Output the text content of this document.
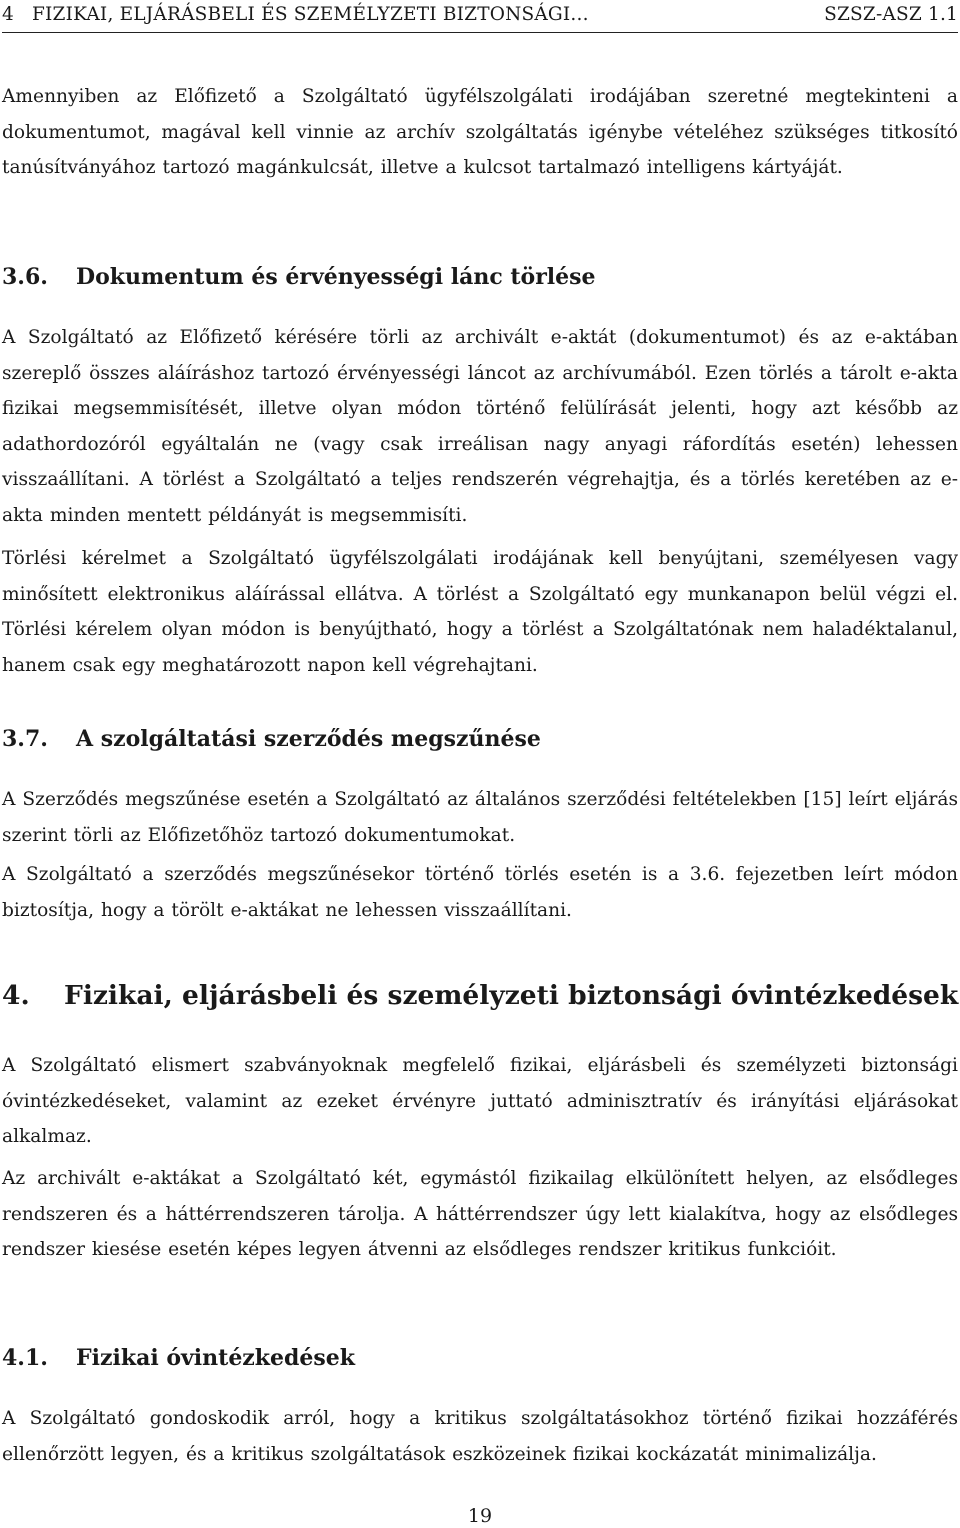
4 FIZIKAI, ELJÁRÁSBELI ÉS SZEMÉLYZETI BIZTONSÁGI...	SZSZ-ASZ 1.1

Amennyiben az Előfizető a Szolgáltató ügyfélszolgálati irodájában szeretné megtekinteni a dokumentumot, magával kell vinnie az archív szolgáltatás igénybe vételéhez szükséges titkosító tanúsítványához tartozó magánkulcsát, illetve a kulcsot tartalmazó intelligens kártyáját.

3.6. Dokumentum és érvényességi lánc törlése

A Szolgáltató az Előfizető kérésére törli az archivált e-aktát (dokumentumot) és az e-aktában szereplő összes aláíráshoz tartozó érvényességi láncot az archívumából. Ezen törlés a tárolt e-akta fizikai megsemmisítését, illetve olyan módon történő felülírását jelenti, hogy azt később az adathordozóról egyáltalán ne (vagy csak irreálisan nagy anyagi ráfordítás esetén) lehessen visszaállítani. A törlést a Szolgáltató a teljes rendszerén végrehajtja, és a törlés keretében az e-akta minden mentett példányát is megsemmisíti.

Törlési kérelmet a Szolgáltató ügyfélszolgálati irodájának kell benyújtani, személyesen vagy minősített elektronikus aláírással ellátva. A törlést a Szolgáltató egy munkanapon belül végzi el. Törlési kérelem olyan módon is benyújtható, hogy a törlést a Szolgáltatónak nem haladéktalanul, hanem csak egy meghatározott napon kell végrehajtani.

3.7. A szolgáltatási szerződés megszűnése

A Szerződés megszűnése esetén a Szolgáltató az általános szerződési feltételekben [15] leírt eljárás szerint törli az Előfizetőhöz tartozó dokumentumokat.

A Szolgáltató a szerződés megszűnésekor történő törlés esetén is a 3.6. fejezetben leírt módon biztosítja, hogy a törölt e-aktákat ne lehessen visszaállítani.

4. Fizikai, eljárásbeli és személyzeti biztonsági óvintézkedések

A Szolgáltató elismert szabványoknak megfelelő fizikai, eljárásbeli és személyzeti biztonsági óvintézkedéseket, valamint az ezeket érvényre juttató adminisztratív és irányítási eljárásokat alkalmaz.

Az archivált e-aktákat a Szolgáltató két, egymástól fizikailag elkülönített helyen, az elsődleges rendszeren és a háttérrendszeren tárolja. A háttérrendszer úgy lett kialakítva, hogy az elsődleges rendszer kiesése esetén képes legyen átvenni az elsődleges rendszer kritikus funkcióit.

4.1. Fizikai óvintézkedések

A Szolgáltató gondoskodik arról, hogy a kritikus szolgáltatásokhoz történő fizikai hozzáférés ellenőrzött legyen, és a kritikus szolgáltatások eszközeinek fizikai kockázatát minimalizálja.

19
